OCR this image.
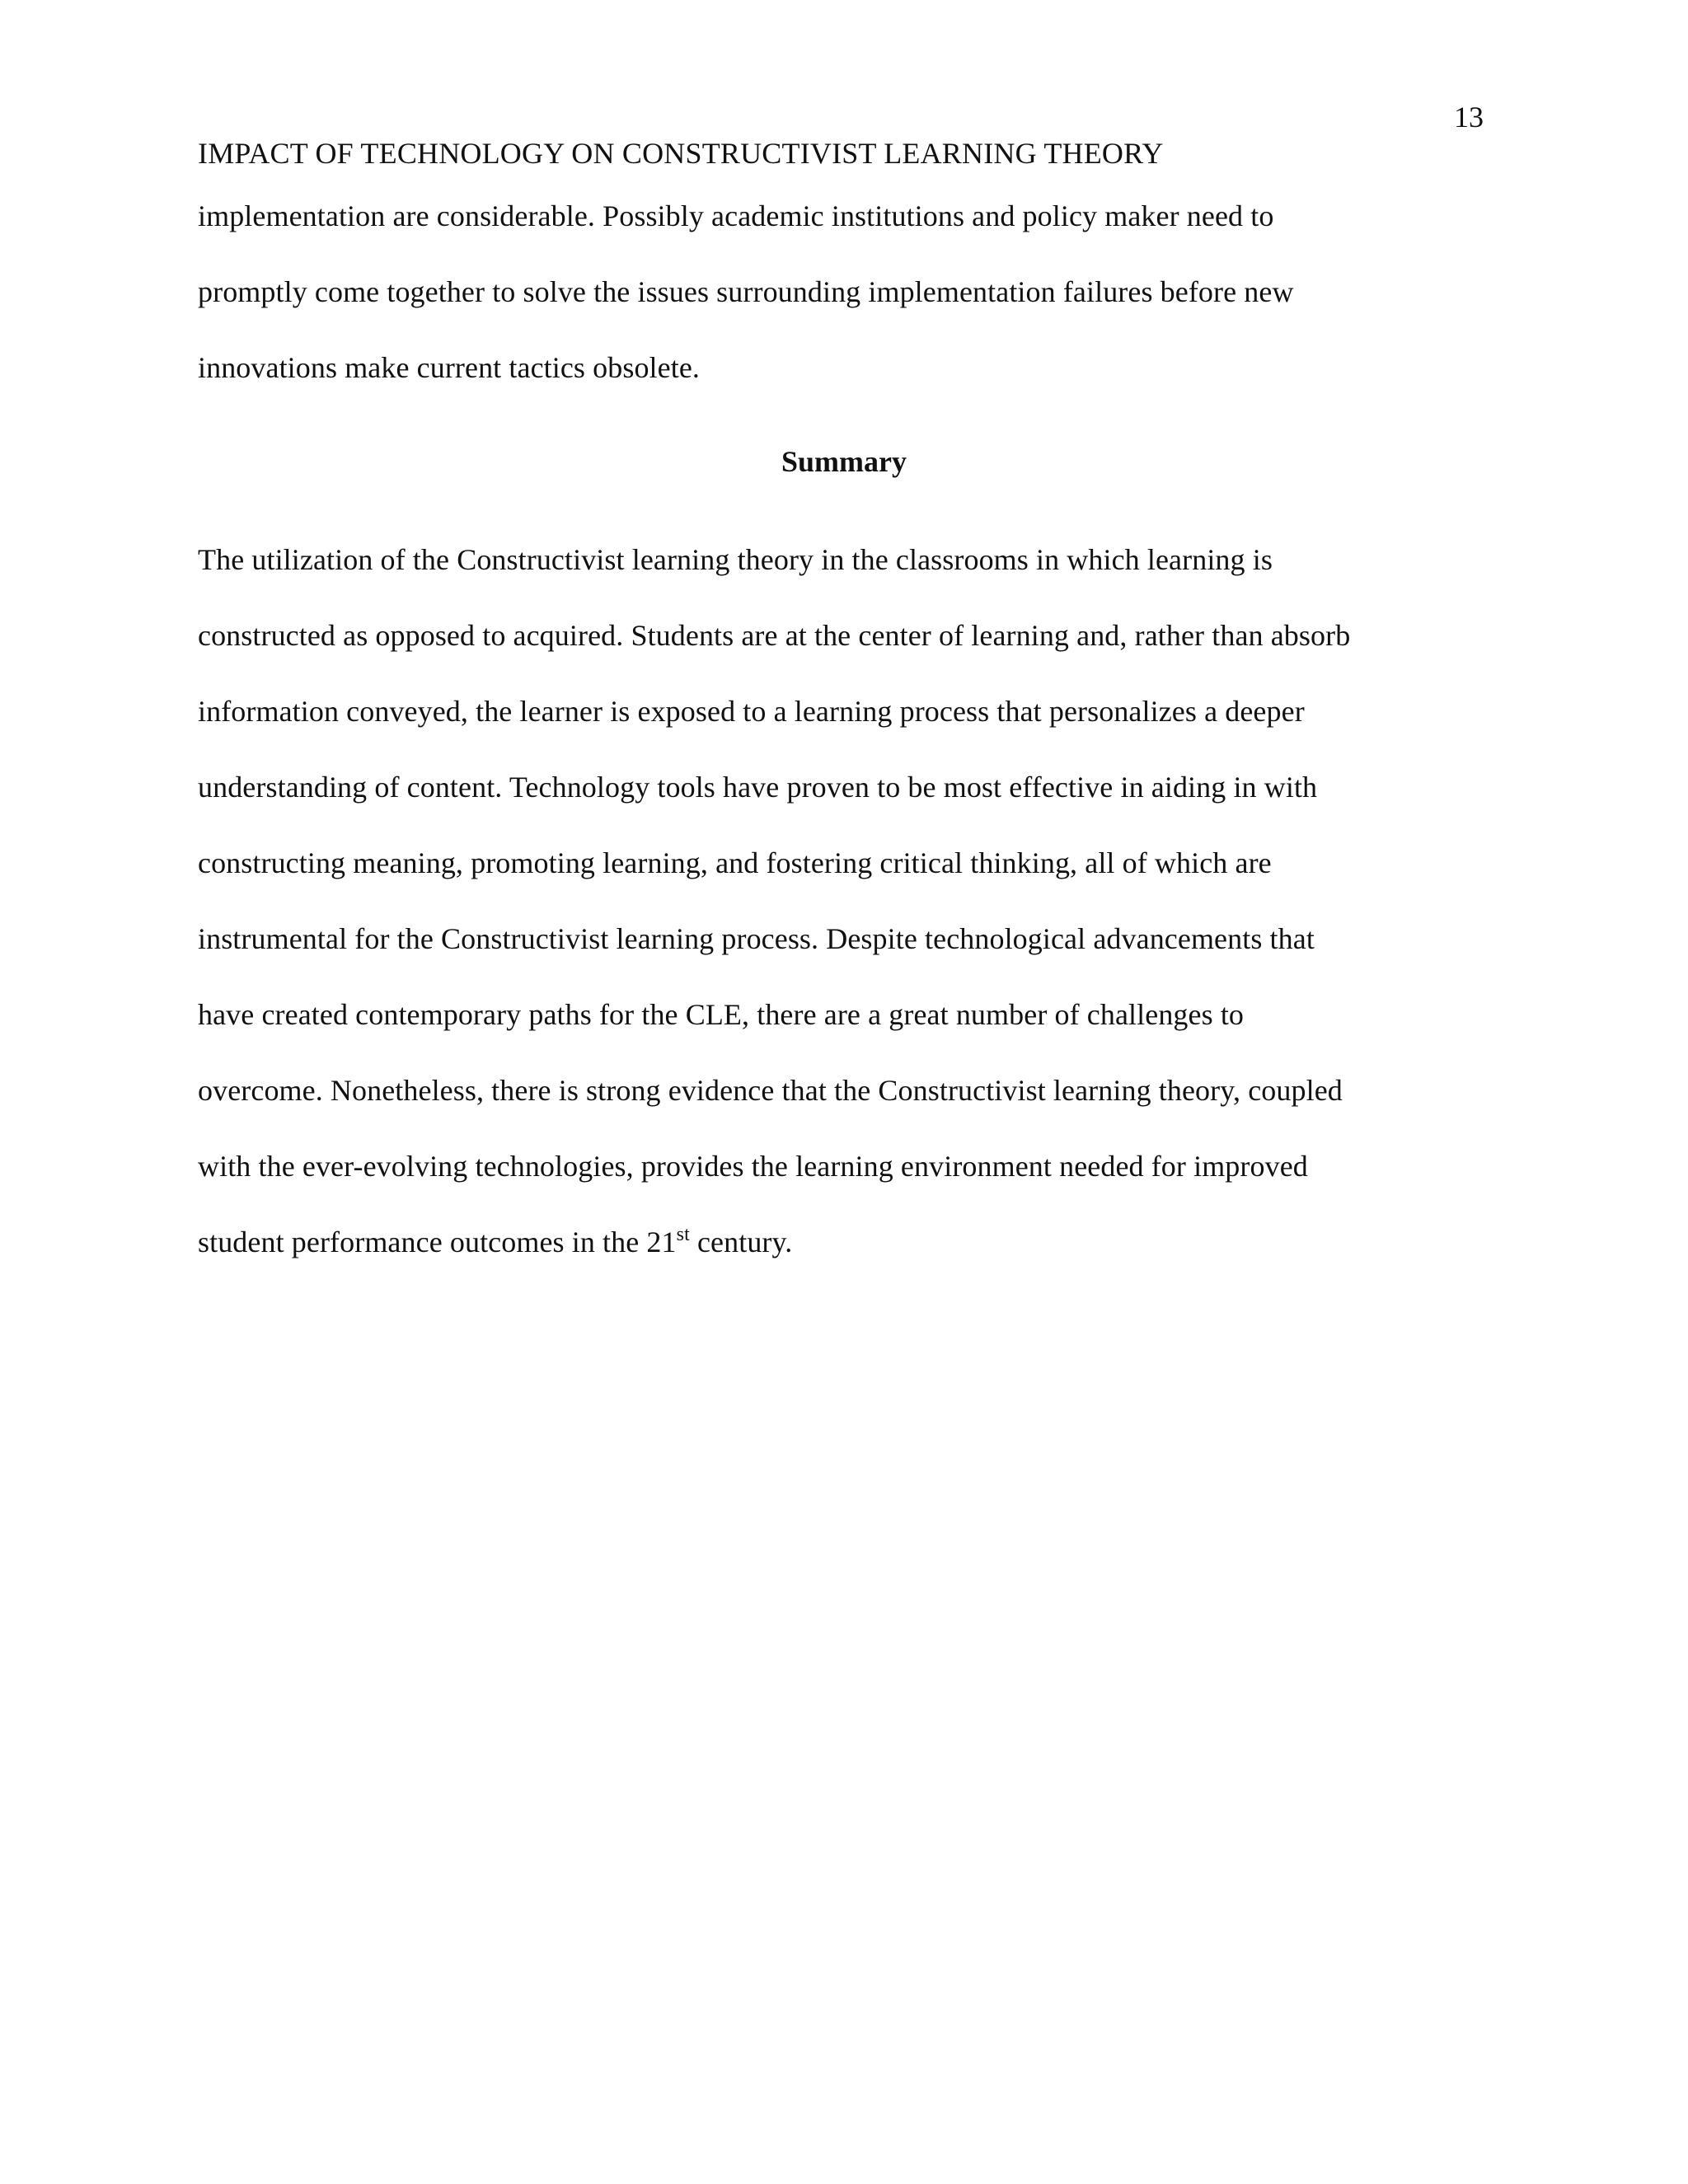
13
IMPACT OF TECHNOLOGY ON CONSTRUCTIVIST LEARNING THEORY
implementation are considerable. Possibly academic institutions and policy maker need to
promptly come together to solve the issues surrounding implementation failures before new
innovations make current tactics obsolete.
Summary
The utilization of the Constructivist learning theory in the classrooms in which learning is
constructed as opposed to acquired. Students are at the center of learning and, rather than absorb
information conveyed, the learner is exposed to a learning process that personalizes a deeper
understanding of content. Technology tools have proven to be most effective in aiding in with
constructing meaning, promoting learning, and fostering critical thinking, all of which are
instrumental for the Constructivist learning process. Despite technological advancements that
have created contemporary paths for the CLE, there are a great number of challenges to
overcome. Nonetheless, there is strong evidence that the Constructivist learning theory, coupled
with the ever-evolving technologies, provides the learning environment needed for improved
student performance outcomes in the 21st century.
